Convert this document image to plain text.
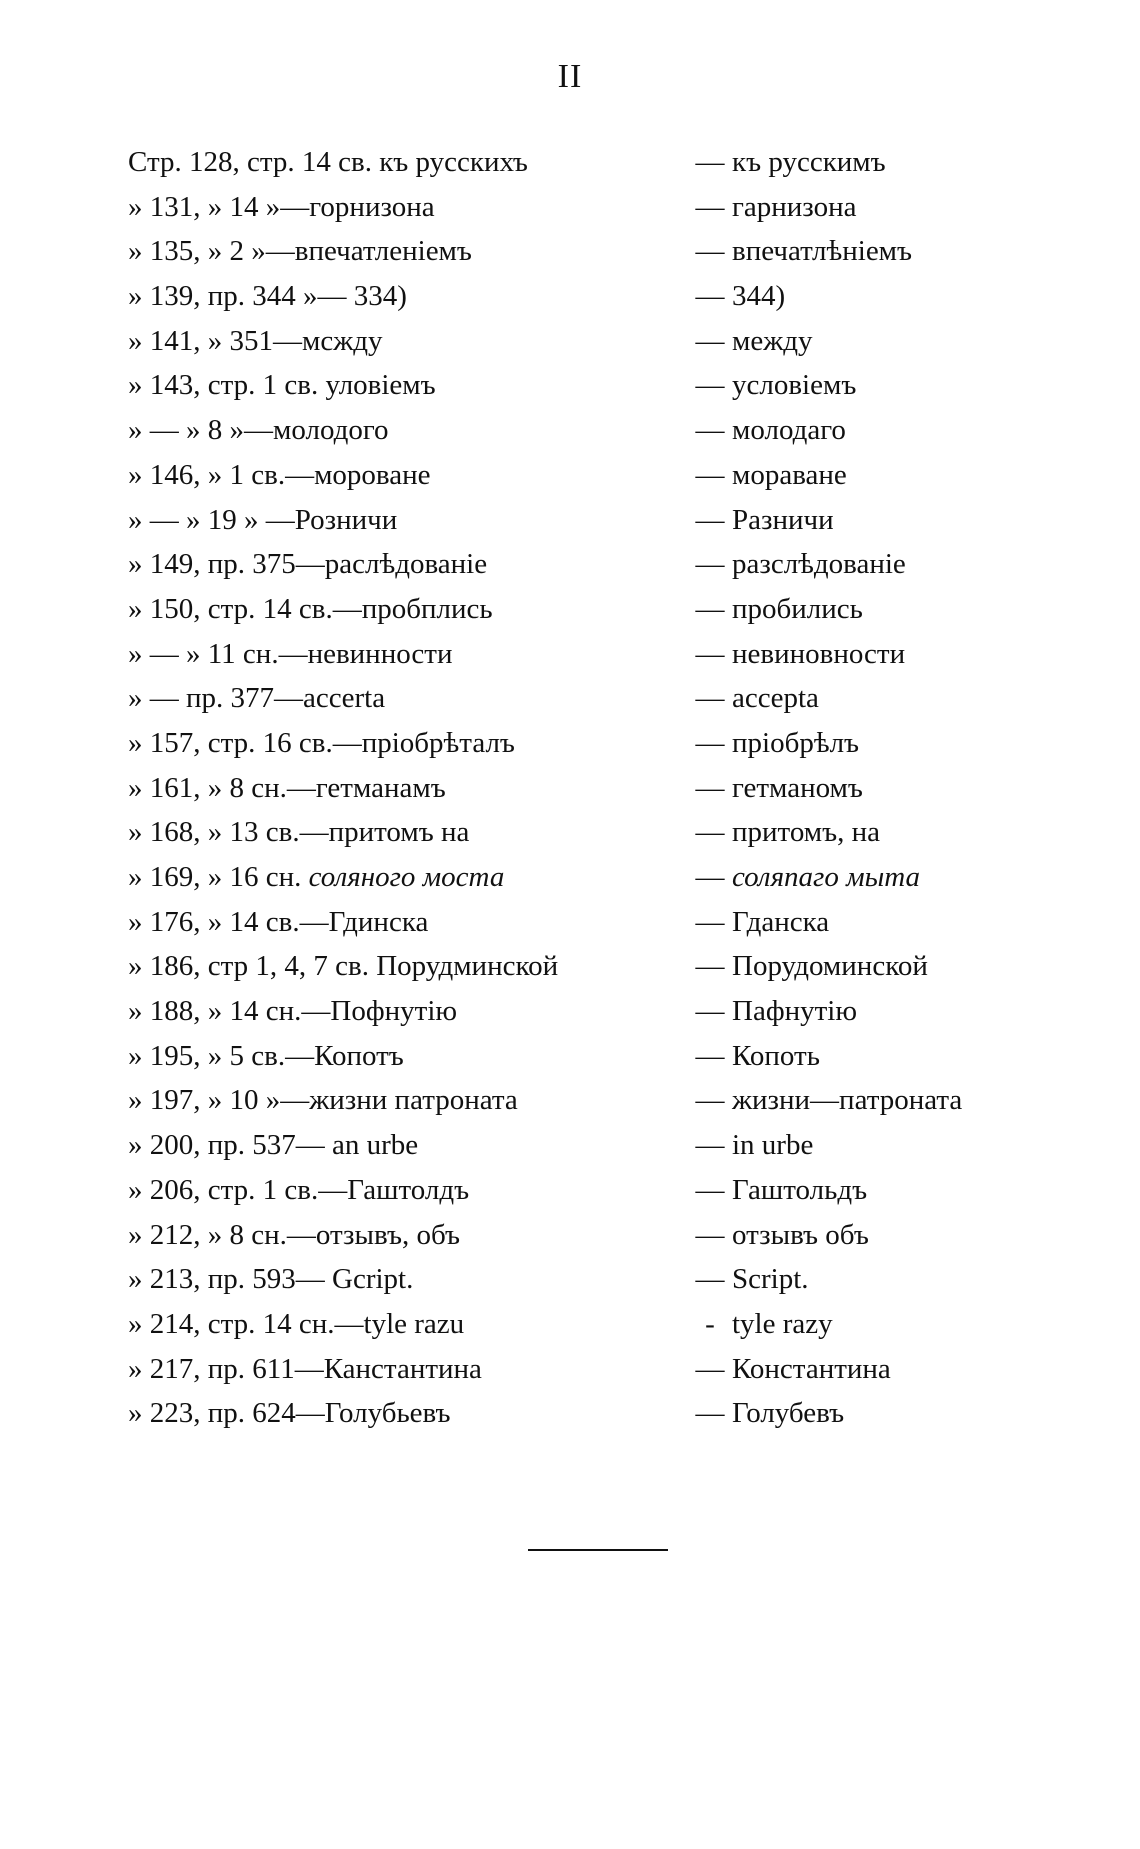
II
Стр. 128, стр. 14 св. къ русскихъ	— къ русскимъ
» 131, » 14 »—горнизона	— гарнизона
» 135, » 2 »—впечатленіемъ	— впечатлѣніемъ
» 139, пр. 344 »— 334)	— 344)
» 141, » 351—мсжду	— между
» 143, стр. 1 св. уловіемъ	— условіемъ
» — » 8 »—молодого	— молодаго
» 146, » 1 св.—мороване	— мораване
» — » 19 » —Розничи	— Разничи
» 149, пр. 375—раслѣдованіе	— разслѣдованіе
» 150, стр. 14 св.—пробплись	— пробились
» — » 11 сн.—невинности	— невиновности
» — пр. 377—accerta	— accepta
» 157, стр. 16 св.—пріобрѣталъ	— пріобрѣлъ
» 161, » 8 сн.—гетманамъ	— гетманомъ
» 168, » 13 св.—притомъ на	— притомъ, на
» 169, » 16 сн. соляного моста	— соляпаго мыта
» 176, » 14 св.—Гдинска	— Гданска
» 186, стр 1, 4, 7 св. Порудминской	— Порудоминской
» 188, » 14 сн.—Пофнутію	— Пафнутію
» 195, » 5 св.—Копотъ	— Копоть
» 197, » 10 »—жизни патроната	— жизни—патроната
» 200, пр. 537— an urbe	— in urbe
» 206, стр. 1 св.—Гаштолдъ	— Гаштольдъ
» 212, » 8 сн.—отзывъ, объ	— отзывъ объ
» 213, пр. 593— Gcript.	— Script.
» 214, стр. 14 сн.—tyle razu	- tyle razy
» 217, пр. 611—Канстантина	— Константина
» 223, пр. 624—Голубьевъ	— Голубевъ
